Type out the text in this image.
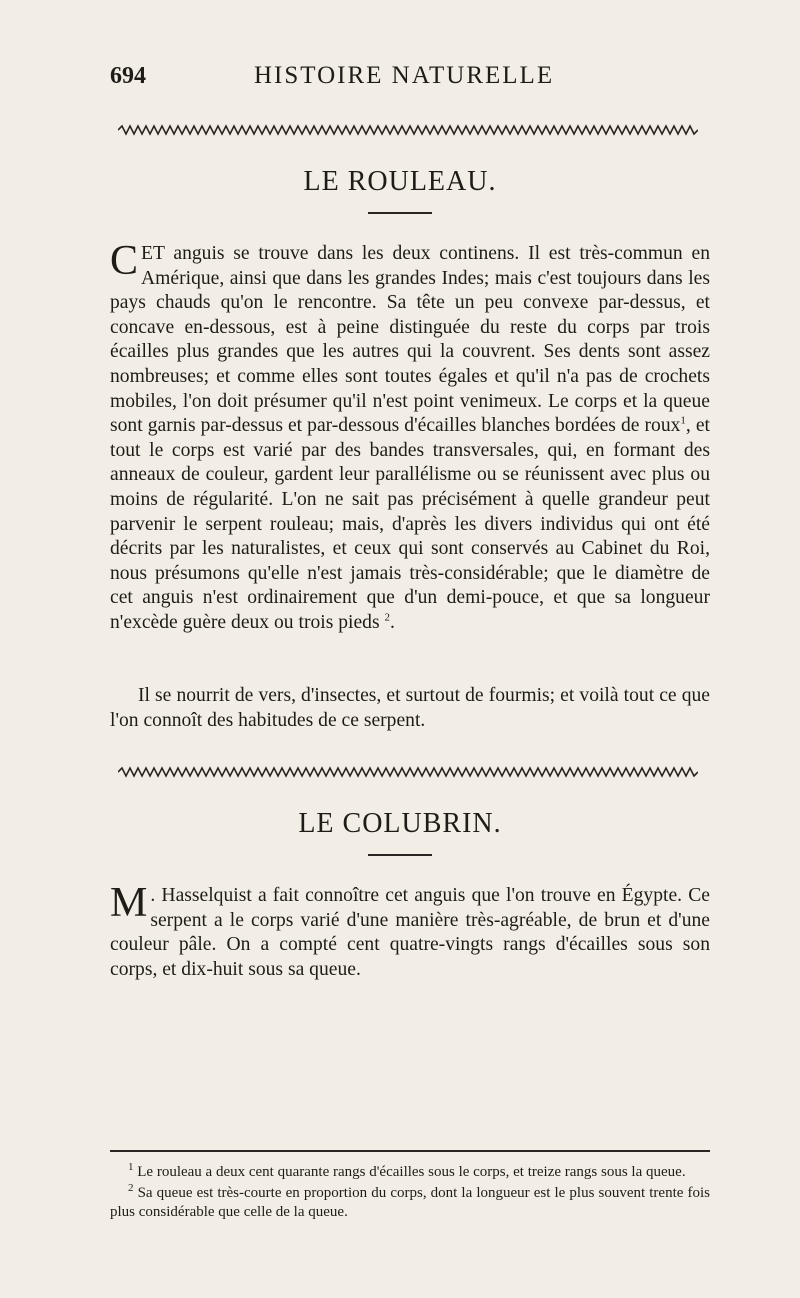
694	HISTOIRE NATURELLE
LE ROULEAU.

CET anguis se trouve dans les deux continens. Il est très-commun en Amérique, ainsi que dans les grandes Indes; mais c'est toujours dans les pays chauds qu'on le rencontre. Sa tête un peu convexe par-dessus, et concave en-dessous, est à peine distinguée du reste du corps par trois écailles plus grandes que les autres qui la couvrent. Ses dents sont assez nombreuses; et comme elles sont toutes égales et qu'il n'a pas de crochets mobiles, l'on doit présumer qu'il n'est point venimeux. Le corps et la queue sont garnis par-dessus et par-dessous d'écailles blanches bordées de roux$^1$, et tout le corps est varié par des bandes transversales, qui, en formant des anneaux de couleur, gardent leur parallélisme ou se réunissent avec plus ou moins de régularité. L'on ne sait pas précisément à quelle grandeur peut parvenir le serpent rouleau; mais, d'après les divers individus qui ont été décrits par les naturalistes, et ceux qui sont conservés au Cabinet du Roi, nous présumons qu'elle n'est jamais très-considérable; que le diamètre de cet anguis n'est ordinairement que d'un demi-pouce, et que sa longueur n'excède guère deux ou trois pieds $^2$.

Il se nourrit de vers, d'insectes, et surtout de fourmis; et voilà tout ce que l'on connoît des habitudes de ce serpent.

LE COLUBRIN.

M . Hasselquist a fait connoître cet anguis que l'on trouve en Égypte. Ce serpent a le corps varié d'une manière très-agréable, de brun et d'une couleur pâle. On a compté cent quatre-vingts rangs d'écailles sous son corps, et dix-huit sous sa queue.

$^1$ Le rouleau a deux cent quarante rangs d'écailles sous le corps, et treize rangs sous la queue.

$^2$ Sa queue est très-courte en proportion du corps, dont la longueur est le plus souvent trente fois plus considérable que celle de la queue.
